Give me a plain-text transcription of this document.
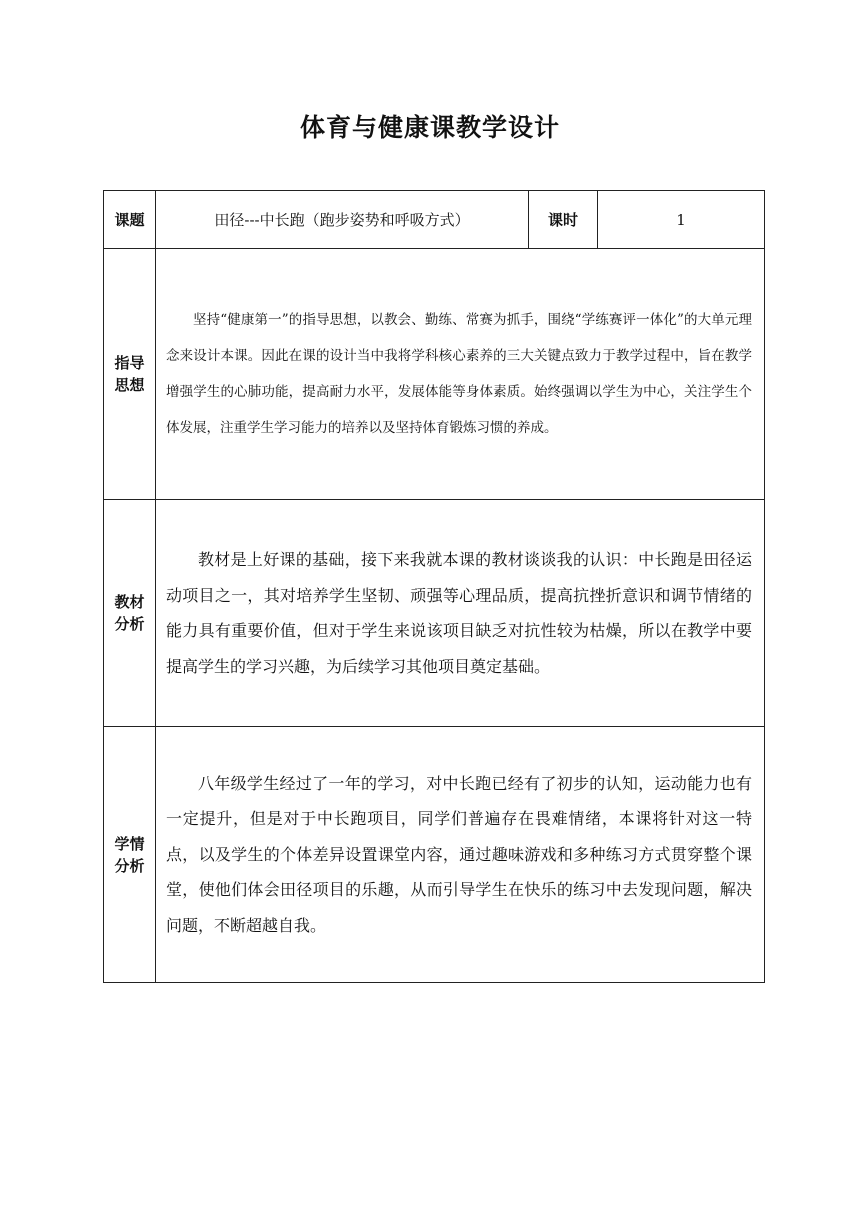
体育与健康课教学设计
课题	田径---中长跑（跑步姿势和呼吸方式）	课时	1
指导
思想	坚持“健康第一”的指导思想，以教会、勤练、常赛为抓手，围绕“学练赛评一体化”的大单元理念来设计本课。因此在课的设计当中我将学科核心素养的三大关键点致力于教学过程中，旨在教学增强学生的心肺功能，提高耐力水平，发展体能等身体素质。始终强调以学生为中心，关注学生个体发展，注重学生学习能力的培养以及坚持体育锻炼习惯的养成。		

教材
分析	教材是上好课的基础，接下来我就本课的教材谈谈我的认识：中长跑是田径运动项目之一，其对培养学生坚韧、顽强等心理品质，提高抗挫折意识和调节情绪的能力具有重要价值，但对于学生来说该项目缺乏对抗性较为枯燥，所以在教学中要提高学生的学习兴趣，为后续学习其他项目奠定基础。		

学情
分析	八年级学生经过了一年的学习，对中长跑已经有了初步的认知，运动能力也有一定提升，但是对于中长跑项目，同学们普遍存在畏难情绪，本课将针对这一特点，以及学生的个体差异设置课堂内容，通过趣味游戏和多种练习方式贯穿整个课堂，使他们体会田径项目的乐趣，从而引导学生在快乐的练习中去发现问题，解决问题，不断超越自我。		
